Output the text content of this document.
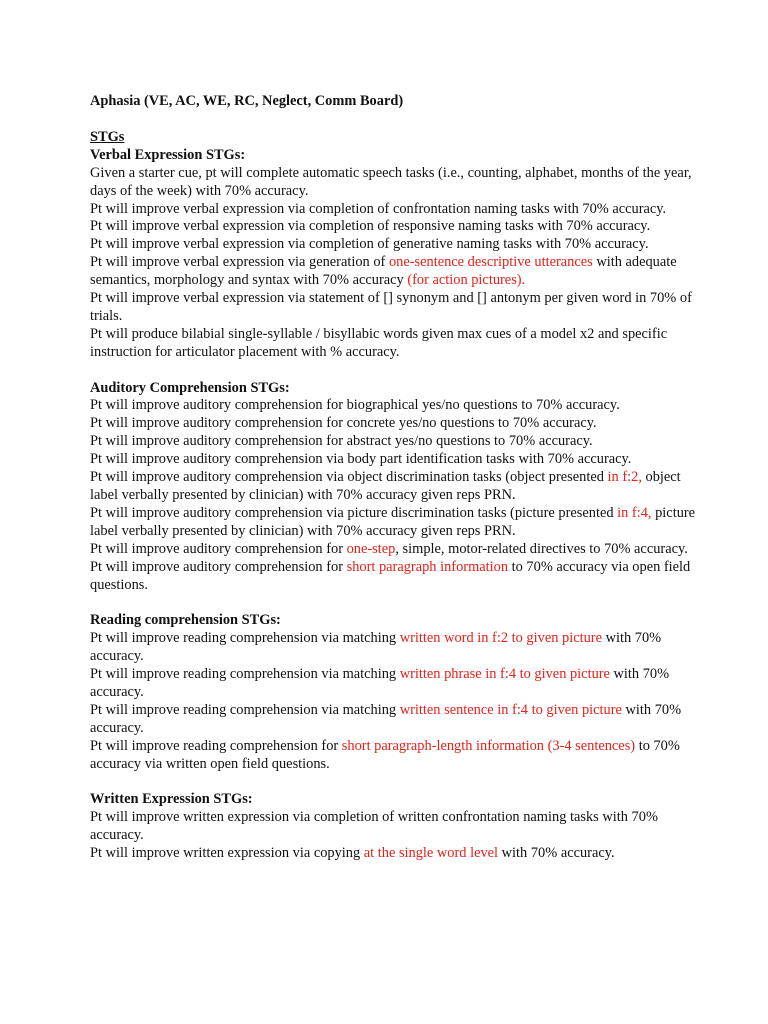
Aphasia (VE, AC, WE, RC, Neglect, Comm Board)
STGs
Verbal Expression STGs:
Given a starter cue, pt will complete automatic speech tasks (i.e., counting, alphabet, months of the year, days of the week) with 70% accuracy.
Pt will improve verbal expression via completion of confrontation naming tasks with 70% accuracy.
Pt will improve verbal expression via completion of responsive naming tasks with 70% accuracy.
Pt will improve verbal expression via completion of generative naming tasks with 70% accuracy.
Pt will improve verbal expression via generation of one-sentence descriptive utterances with adequate semantics, morphology and syntax with 70% accuracy (for action pictures).
Pt will improve verbal expression via statement of [] synonym and [] antonym per given word in 70% of trials.
Pt will produce bilabial single-syllable / bisyllabic words given max cues of a model x2 and specific instruction for articulator placement with % accuracy.
Auditory Comprehension STGs:
Pt will improve auditory comprehension for biographical yes/no questions to 70% accuracy.
Pt will improve auditory comprehension for concrete yes/no questions to 70% accuracy.
Pt will improve auditory comprehension for abstract yes/no questions to 70% accuracy.
Pt will improve auditory comprehension via body part identification tasks with 70% accuracy.
Pt will improve auditory comprehension via object discrimination tasks (object presented in f:2, object label verbally presented by clinician) with 70% accuracy given reps PRN.
Pt will improve auditory comprehension via picture discrimination tasks (picture presented in f:4, picture label verbally presented by clinician) with 70% accuracy given reps PRN.
Pt will improve auditory comprehension for one-step, simple, motor-related directives to 70% accuracy.
Pt will improve auditory comprehension for short paragraph information to 70% accuracy via open field questions.
Reading comprehension STGs:
Pt will improve reading comprehension via matching written word in f:2 to given picture with 70% accuracy.
Pt will improve reading comprehension via matching written phrase in f:4 to given picture with 70% accuracy.
Pt will improve reading comprehension via matching written sentence in f:4 to given picture with 70% accuracy.
Pt will improve reading comprehension for short paragraph-length information (3-4 sentences) to 70% accuracy via written open field questions.
Written Expression STGs:
Pt will improve written expression via completion of written confrontation naming tasks with 70% accuracy.
Pt will improve written expression via copying at the single word level with 70% accuracy.
